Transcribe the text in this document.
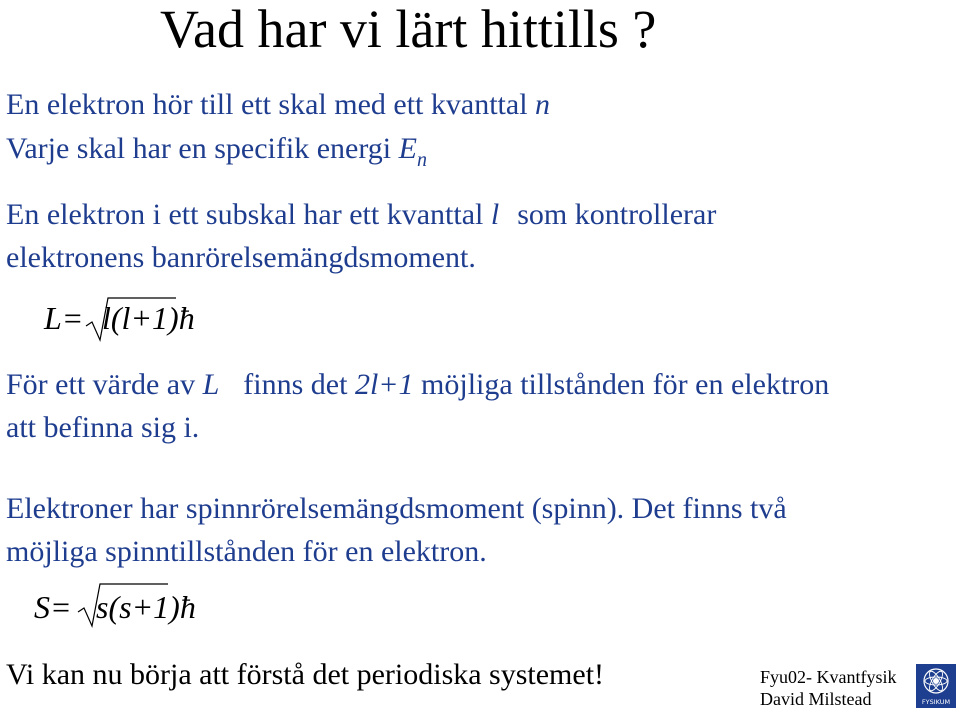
Vad har vi lärt hittills ?
En elektron hör till ett skal med ett kvanttal n
Varje skal har en specifik energi $E_n$
En elektron i ett subskal har ett kvanttal l som kontrollerar
elektronens banrörelsemängdsmoment.
L= l(l+1)ħ
För ett värde av L finns det 2l+1 möjliga tillstånden för en elektron
att befinna sig i.
Elektroner har spinnrörelsemängdsmoment (spinn). Det finns två
möjliga spinntillstånden för en elektron.
S= s(s+1)ħ
Vi kan nu börja att förstå det periodiska systemet!	Fyu02- Kvantfysik
David Milstead	FYSIKUM
